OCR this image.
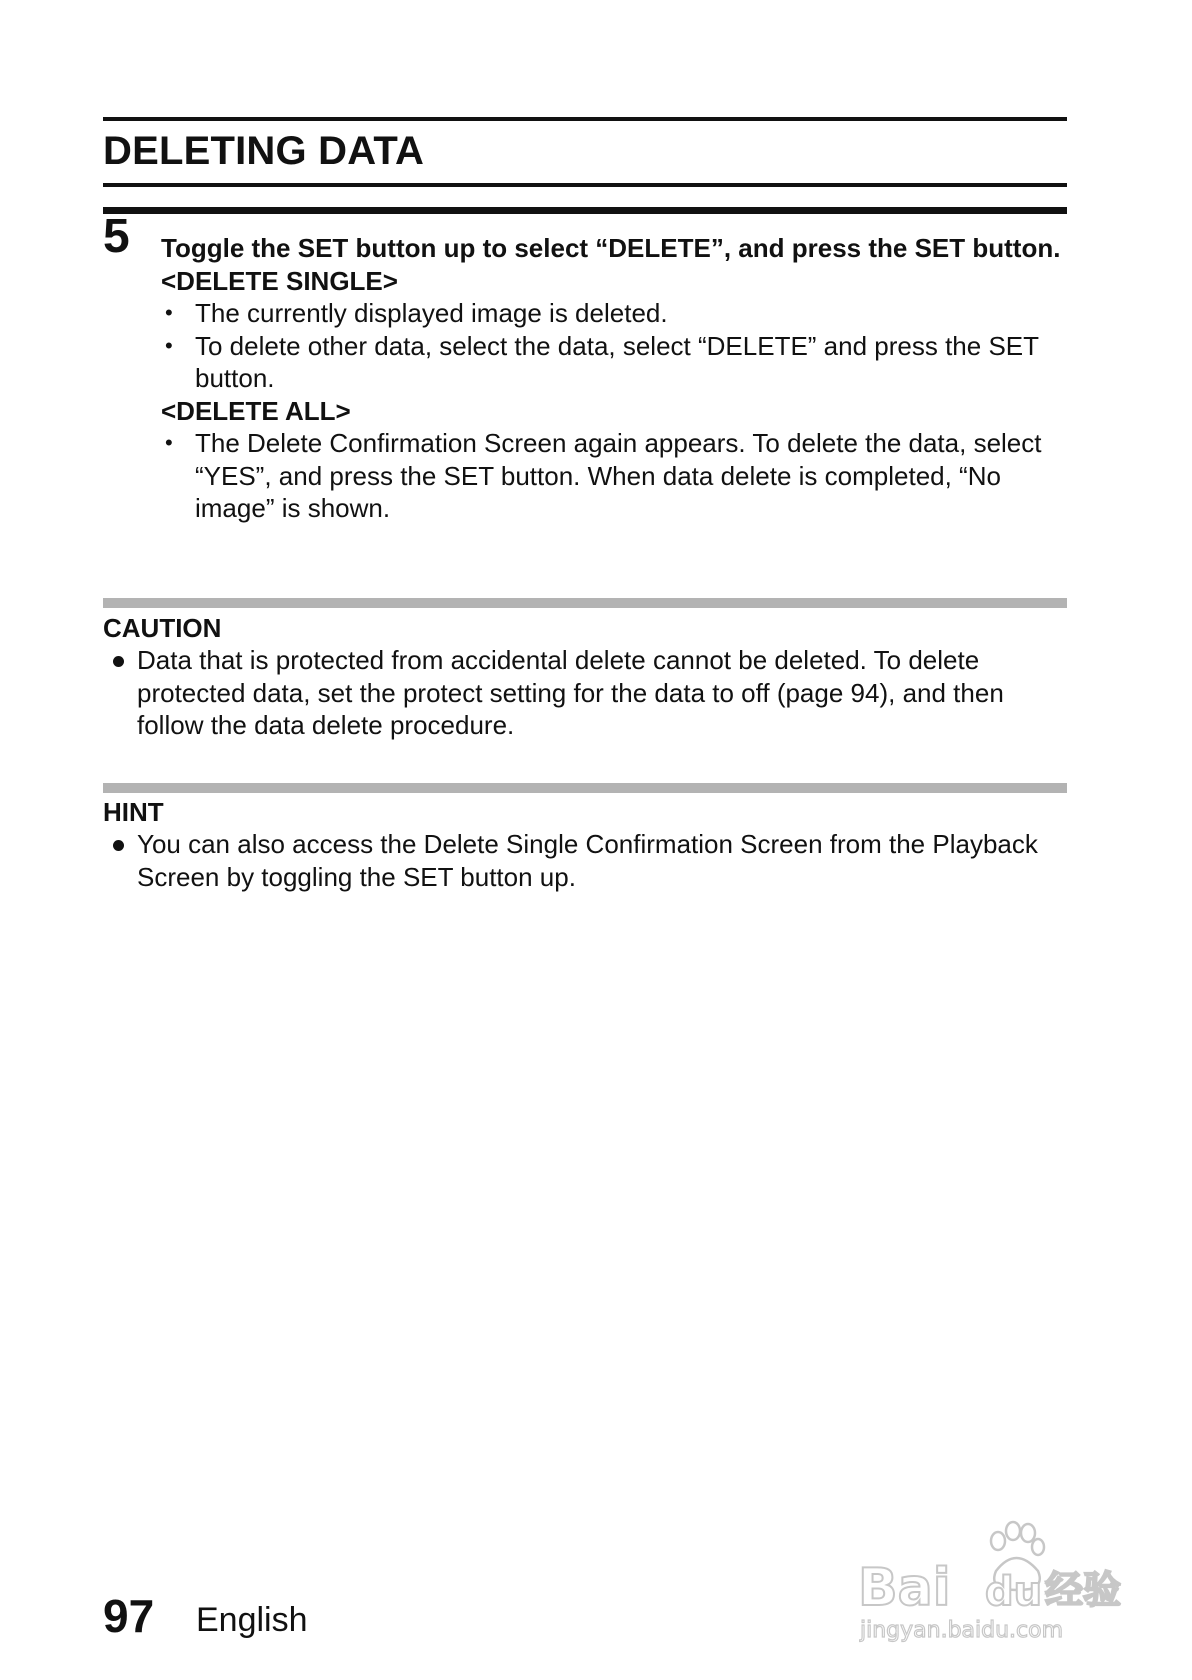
DELETING DATA
5 Toggle the SET button up to select “DELETE”, and press the SET button.
<DELETE SINGLE>
• The currently displayed image is deleted.
• To delete other data, select the data, select “DELETE” and press the SET button.
<DELETE ALL>
• The Delete Confirmation Screen again appears. To delete the data, select “YES”, and press the SET button. When data delete is completed, “No image” is shown.
CAUTION
Data that is protected from accidental delete cannot be deleted. To delete protected data, set the protect setting for the data to off (page 94), and then follow the data delete procedure.
HINT
You can also access the Delete Single Confirmation Screen from the Playback Screen by toggling the SET button up.
97 English
Bai du 经验
jingyan.baidu.com
